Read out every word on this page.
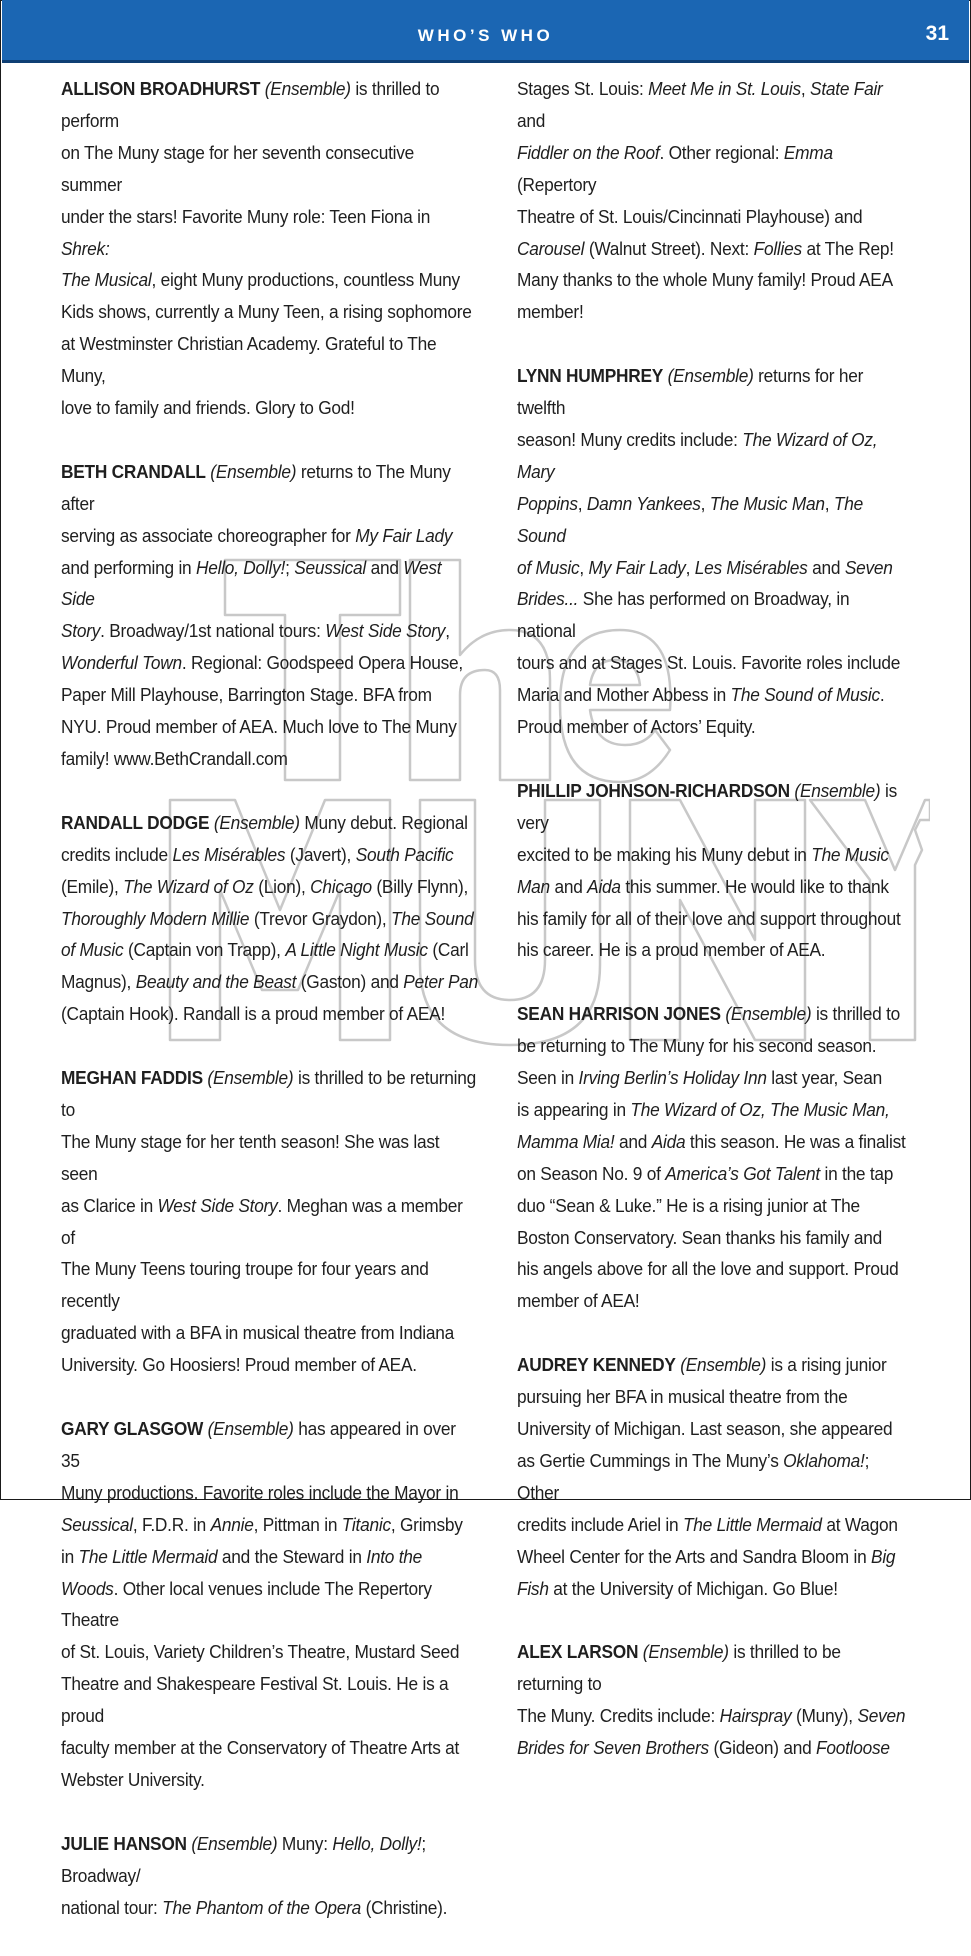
WHO’S WHO	31
ALLISON BROADHURST (Ensemble) is thrilled to perform
on The Muny stage for her seventh consecutive summer
under the stars! Favorite Muny role: Teen Fiona in Shrek:
The Musical, eight Muny productions, countless Muny
Kids shows, currently a Muny Teen, a rising sophomore
at Westminster Christian Academy. Grateful to The Muny,
love to family and friends. Glory to God!
BETH CRANDALL (Ensemble) returns to The Muny after
serving as associate choreographer for My Fair Lady
and performing in Hello, Dolly!; Seussical and West Side
Story. Broadway/1st national tours: West Side Story,
Wonderful Town. Regional: Goodspeed Opera House,
Paper Mill Playhouse, Barrington Stage. BFA from
NYU. Proud member of AEA. Much love to The Muny
family! www.BethCrandall.com
RANDALL DODGE (Ensemble) Muny debut. Regional
credits include Les Misérables (Javert), South Pacific
(Emile), The Wizard of Oz (Lion), Chicago (Billy Flynn),
Thoroughly Modern Millie (Trevor Graydon), The Sound
of Music (Captain von Trapp), A Little Night Music (Carl
Magnus), Beauty and the Beast (Gaston) and Peter Pan
(Captain Hook). Randall is a proud member of AEA!
MEGHAN FADDIS (Ensemble) is thrilled to be returning to
The Muny stage for her tenth season! She was last seen
as Clarice in West Side Story. Meghan was a member of
The Muny Teens touring troupe for four years and recently
graduated with a BFA in musical theatre from Indiana
University. Go Hoosiers! Proud member of AEA.
GARY GLASGOW (Ensemble) has appeared in over 35
Muny productions. Favorite roles include the Mayor in
Seussical, F.D.R. in Annie, Pittman in Titanic, Grimsby
in The Little Mermaid and the Steward in Into the
Woods. Other local venues include The Repertory Theatre
of St. Louis, Variety Children’s Theatre, Mustard Seed
Theatre and Shakespeare Festival St. Louis. He is a proud
faculty member at the Conservatory of Theatre Arts at
Webster University.
JULIE HANSON (Ensemble) Muny: Hello, Dolly!; Broadway/
national tour: The Phantom of the Opera (Christine).
Stages St. Louis: Meet Me in St. Louis, State Fair and
Fiddler on the Roof. Other regional: Emma (Repertory
Theatre of St. Louis/Cincinnati Playhouse) and
Carousel (Walnut Street). Next: Follies at The Rep!
Many thanks to the whole Muny family! Proud AEA
member!
LYNN HUMPHREY (Ensemble) returns for her twelfth
season! Muny credits include: The Wizard of Oz, Mary
Poppins, Damn Yankees, The Music Man, The Sound
of Music, My Fair Lady, Les Misérables and Seven
Brides... She has performed on Broadway, in national
tours and at Stages St. Louis. Favorite roles include
Maria and Mother Abbess in The Sound of Music.
Proud member of Actors’ Equity.
PHILLIP JOHNSON-RICHARDSON (Ensemble) is very
excited to be making his Muny debut in The Music
Man and Aida this summer. He would like to thank
his family for all of their love and support throughout
his career. He is a proud member of AEA.
SEAN HARRISON JONES (Ensemble) is thrilled to
be returning to The Muny for his second season.
Seen in Irving Berlin’s Holiday Inn last year, Sean
is appearing in The Wizard of Oz, The Music Man,
Mamma Mia! and Aida this season. He was a finalist
on Season No. 9 of America’s Got Talent in the tap
duo “Sean & Luke.” He is a rising junior at The
Boston Conservatory. Sean thanks his family and
his angels above for all the love and support. Proud
member of AEA!
AUDREY KENNEDY (Ensemble) is a rising junior
pursuing her BFA in musical theatre from the
University of Michigan. Last season, she appeared
as Gertie Cummings in The Muny’s Oklahoma!; Other
credits include Ariel in The Little Mermaid at Wagon
Wheel Center for the Arts and Sandra Bloom in Big
Fish at the University of Michigan. Go Blue!
ALEX LARSON (Ensemble) is thrilled to be returning to
The Muny. Credits include: Hairspray (Muny), Seven
Brides for Seven Brothers (Gideon) and Footloose
